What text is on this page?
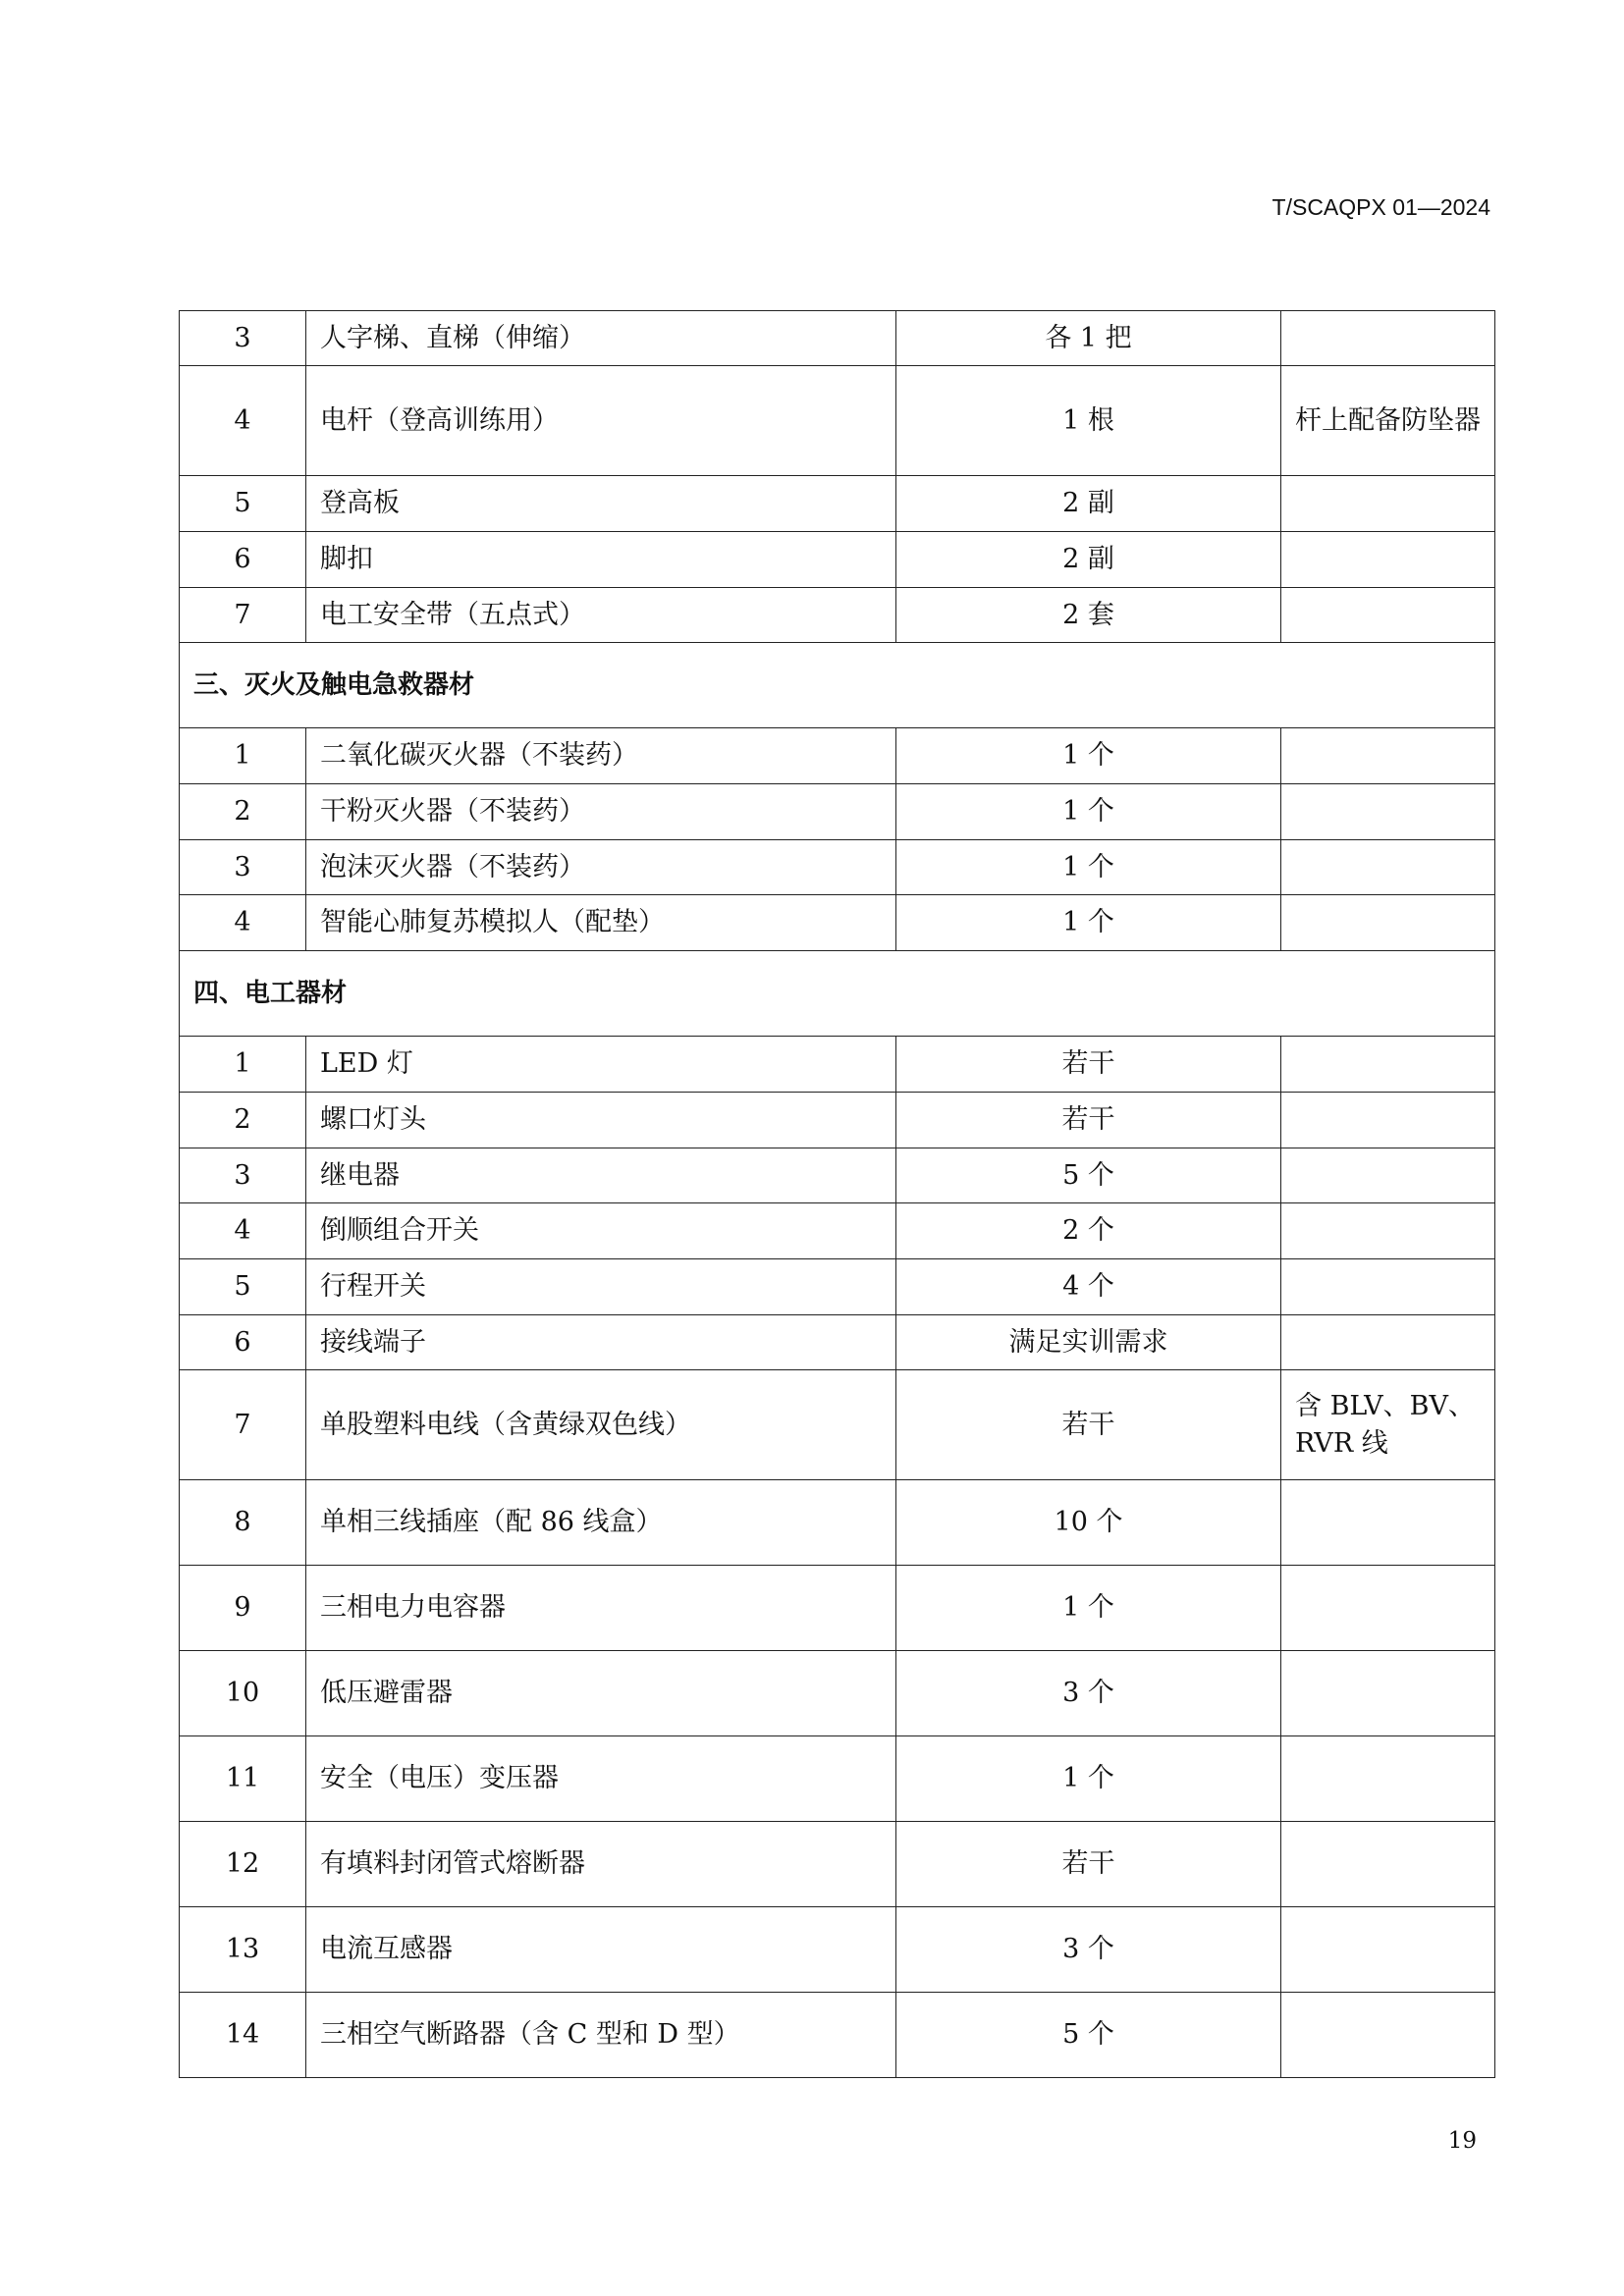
T/SCAQPX 01—2024
3	人字梯、直梯（伸缩）	各 1 把	
4	电杆（登高训练用）	1 根	杆上配备防坠器
5	登高板	2 副	
6	脚扣	2 副	
7	电工安全带（五点式）	2 套	
三、灭火及触电急救器材			
1	二氧化碳灭火器（不装药）	1 个	
2	干粉灭火器（不装药）	1 个	
3	泡沫灭火器（不装药）	1 个	
4	智能心肺复苏模拟人（配垫）	1 个	
四、电工器材			
1	LED 灯	若干	
2	螺口灯头	若干	
3	继电器	5 个	
4	倒顺组合开关	2 个	
5	行程开关	4 个	
6	接线端子	满足实训需求	
7	单股塑料电线（含黄绿双色线）	若干	含 BLV、BV、RVR 线
8	单相三线插座（配 86 线盒）	10 个	
9	三相电力电容器	1 个	
10	低压避雷器	3 个	
11	安全（电压）变压器	1 个	
12	有填料封闭管式熔断器	若干	
13	电流互感器	3 个	
14	三相空气断路器（含 C 型和 D 型）	5 个	
19
